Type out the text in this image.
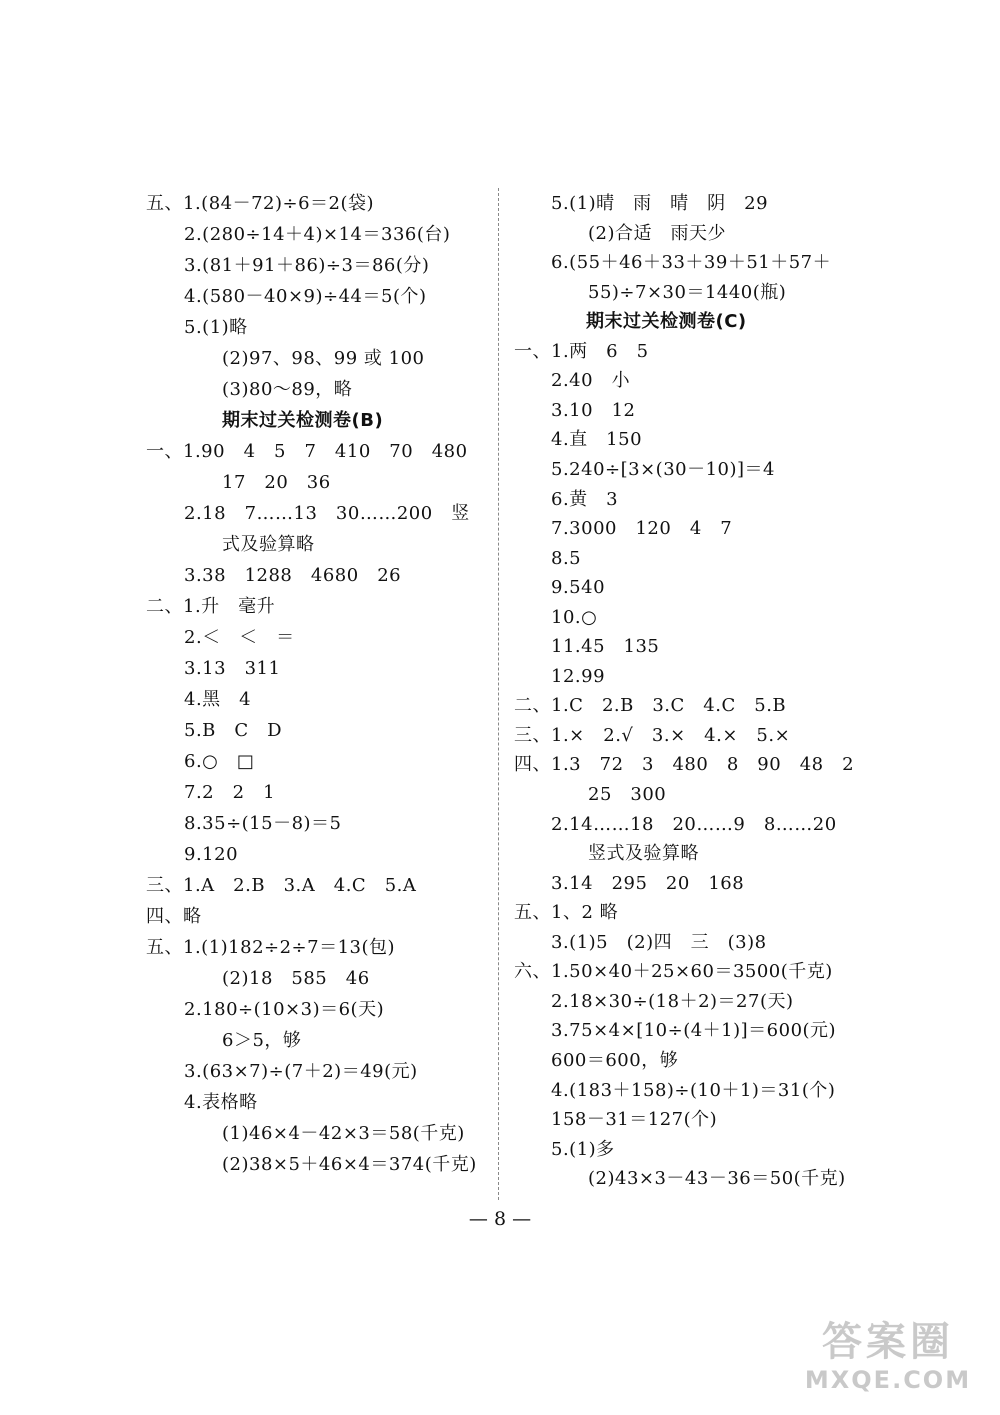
五、1.(84－72)÷6＝2(袋)
2.(280÷14＋4)×14＝336(台)
3.(81＋91＋86)÷3＝86(分)
4.(580－40×9)÷44＝5(个)
5.(1)略
(2)97、98、99 或 100
(3)80～89，略
期末过关检测卷(B)
一、1.90　4　5　7　410　70　480
17　20　36
2.18　7……13　30……200　竖
式及验算略
3.38　1288　4680　26
二、1.升　毫升
2.＜　＜　＝
3.13　311
4.黑　4
5.B　C　D
6.○　□
7.2　2　1
8.35÷(15－8)＝5
9.120
三、1.A　2.B　3.A　4.C　5.A
四、略
五、1.(1)182÷2÷7＝13(包)
(2)18　585　46
2.180÷(10×3)＝6(天)
6＞5，够
3.(63×7)÷(7＋2)＝49(元)
4.表格略
(1)46×4－42×3＝58(千克)
(2)38×5＋46×4＝374(千克)
5.(1)晴　雨　晴　阴　29
(2)合适　雨天少
6.(55＋46＋33＋39＋51＋57＋
55)÷7×30＝1440(瓶)
期末过关检测卷(C)
一、1.两　6　5
2.40　小
3.10　12
4.直　150
5.240÷[3×(30－10)]＝4
6.黄　3
7.3000　120　4　7
8.5
9.540
10.○
11.45　135
12.99
二、1.C　2.B　3.C　4.C　5.B
三、1.×　2.√　3.×　4.×　5.×
四、1.3　72　3　480　8　90　48　2
25　300
2.14……18　20……9　8……20
竖式及验算略
3.14　295　20　168
五、1、2 略
3.(1)5　(2)四　三　(3)8
六、1.50×40＋25×60＝3500(千克)
2.18×30÷(18＋2)＝27(天)
3.75×4×[10÷(4＋1)]＝600(元)
600＝600，够
4.(183＋158)÷(10＋1)＝31(个)
158－31＝127(个)
5.(1)多
(2)43×3－43－36＝50(千克)
— 8 —
答案圈
MXQE.COM
